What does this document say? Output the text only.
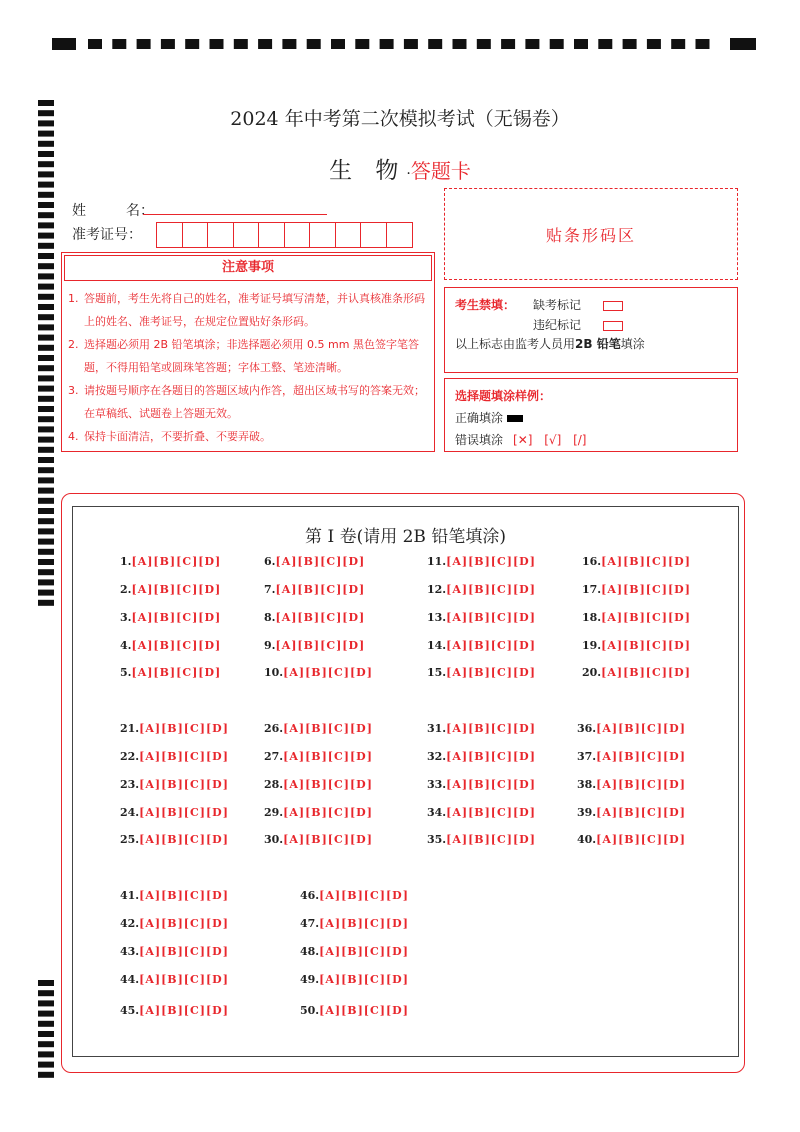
2024 年中考第二次模拟考试（无锡卷）
生 物·答题卡
姓	名：
准考证号：	贴条形码区
注意事项
1. 答题前，考生先将自己的姓名，准考证号填写清楚，并认真核准条形码上的姓名、准考证号，在规定位置贴好条形码。
2. 选择题必须用 2B 铅笔填涂；非选择题必须用 0.5 mm 黑色签字笔答题，不得用铅笔或圆珠笔答题；字体工整、笔迹清晰。
3. 请按题号顺序在各题目的答题区域内作答，超出区域书写的答案无效；在草稿纸、试题卷上答题无效。
4. 保持卡面清洁，不要折叠、不要弄破。
考生禁填： 缺考标记
违纪标记
以上标志由监考人员用2B 铅笔填涂
选择题填涂样例：
正确填涂
错误填涂 [✕] [√] [/]
第 I 卷(请用 2B 铅笔填涂)
1.[A][B][C][D]
2.[A][B][C][D]
3.[A][B][C][D]
4.[A][B][C][D]
5.[A][B][C][D]
6.[A][B][C][D]
7.[A][B][C][D]
8.[A][B][C][D]
9.[A][B][C][D]
10.[A][B][C][D]
11.[A][B][C][D]
12.[A][B][C][D]
13.[A][B][C][D]
14.[A][B][C][D]
15.[A][B][C][D]
16.[A][B][C][D]
17.[A][B][C][D]
18.[A][B][C][D]
19.[A][B][C][D]
20.[A][B][C][D]
21.[A][B][C][D]
22.[A][B][C][D]
23.[A][B][C][D]
24.[A][B][C][D]
25.[A][B][C][D]
26.[A][B][C][D]
27.[A][B][C][D]
28.[A][B][C][D]
29.[A][B][C][D]
30.[A][B][C][D]
31.[A][B][C][D]
32.[A][B][C][D]
33.[A][B][C][D]
34.[A][B][C][D]
35.[A][B][C][D]
36.[A][B][C][D]
37.[A][B][C][D]
38.[A][B][C][D]
39.[A][B][C][D]
40.[A][B][C][D]
41.[A][B][C][D]
42.[A][B][C][D]
43.[A][B][C][D]
44.[A][B][C][D]
45.[A][B][C][D]
46.[A][B][C][D]
47.[A][B][C][D]
48.[A][B][C][D]
49.[A][B][C][D]
50.[A][B][C][D]
